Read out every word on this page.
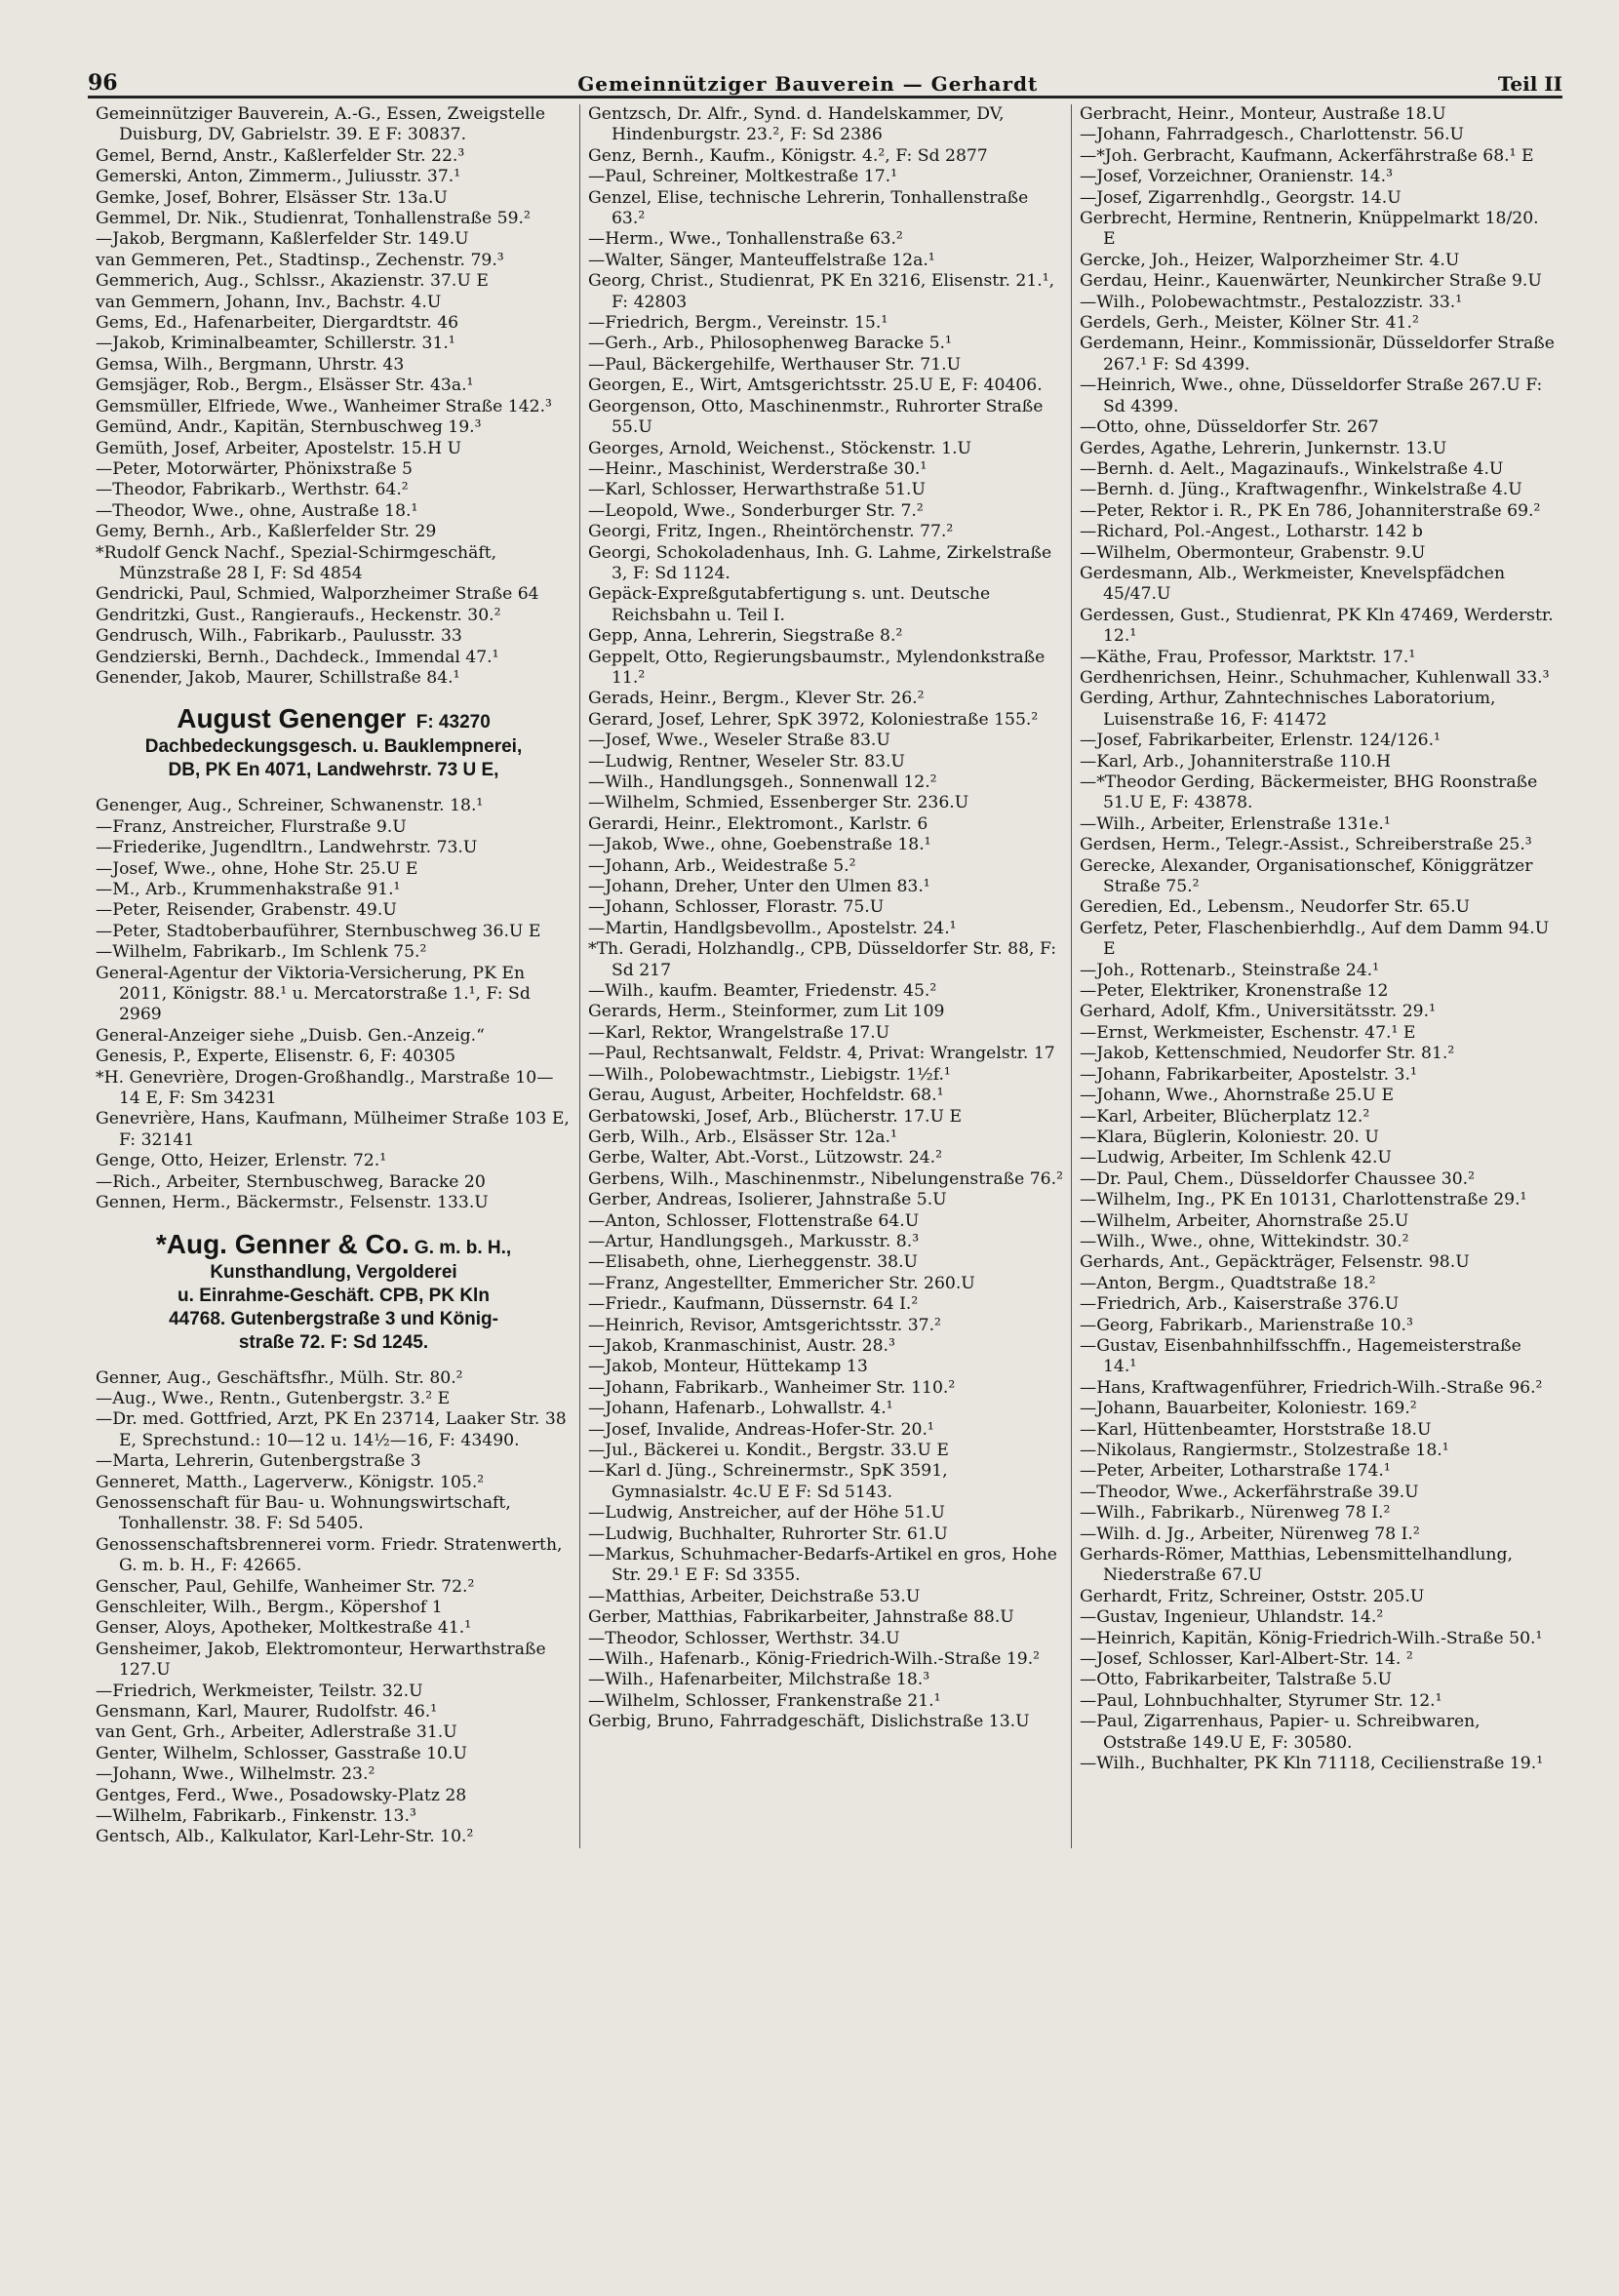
96	Gemeinnütziger Bauverein — Gerhardt	Teil II

Gemeinnütziger Bauverein, A.-G., Essen, Zweigstelle Duisburg, DV, Gabrielstr. 39. E F: 30837.

Gemel, Bernd, Anstr., Kaßlerfelder Str. 22.³

Gemerski, Anton, Zimmerm., Juliusstr. 37.¹

Gemke, Josef, Bohrer, Elsässer Str. 13a.U

Gemmel, Dr. Nik., Studienrat, Tonhallenstraße 59.²

—Jakob, Bergmann, Kaßlerfelder Str. 149.U

van Gemmeren, Pet., Stadtinsp., Zechenstr. 79.³

Gemmerich, Aug., Schlssr., Akazienstr. 37.U E

van Gemmern, Johann, Inv., Bachstr. 4.U

Gems, Ed., Hafenarbeiter, Diergardtstr. 46

—Jakob, Kriminalbeamter, Schillerstr. 31.¹

Gemsa, Wilh., Bergmann, Uhrstr. 43

Gemsjäger, Rob., Bergm., Elsässer Str. 43a.¹

Gemsmüller, Elfriede, Wwe., Wanheimer Straße 142.³

Gemünd, Andr., Kapitän, Sternbuschweg 19.³

Gemüth, Josef, Arbeiter, Apostelstr. 15.H U

—Peter, Motorwärter, Phönixstraße 5

—Theodor, Fabrikarb., Werthstr. 64.²

—Theodor, Wwe., ohne, Austraße 18.¹

Gemy, Bernh., Arb., Kaßlerfelder Str. 29

*Rudolf Genck Nachf., Spezial-Schirmgeschäft, Münzstraße 28 I, F: Sd 4854

Gendricki, Paul, Schmied, Walporzheimer Straße 64

Gendritzki, Gust., Rangieraufs., Heckenstr. 30.²

Gendrusch, Wilh., Fabrikarb., Paulusstr. 33

Gendzierski, Bernh., Dachdeck., Immendal 47.¹

Genender, Jakob, Maurer, Schillstraße 84.¹

August Genenger F: 43270
Dachbedeckungsgesch. u. Bauklempnerei,
DB, PK En 4071, Landwehrstr. 73 U E,

Genenger, Aug., Schreiner, Schwanenstr. 18.¹

—Franz, Anstreicher, Flurstraße 9.U

—Friederike, Jugendltrn., Landwehrstr. 73.U

—Josef, Wwe., ohne, Hohe Str. 25.U E

—M., Arb., Krummenhakstraße 91.¹

—Peter, Reisender, Grabenstr. 49.U

—Peter, Stadtoberbauführer, Sternbuschweg 36.U E

—Wilhelm, Fabrikarb., Im Schlenk 75.²

General-Agentur der Viktoria-Versicherung, PK En 2011, Königstr. 88.¹ u. Mercatorstraße 1.¹, F: Sd 2969

General-Anzeiger siehe „Duisb. Gen.-Anzeig.“

Genesis, P., Experte, Elisenstr. 6, F: 40305

*H. Genevrière, Drogen-Großhandlg., Marstraße 10—14 E, F: Sm 34231

Genevrière, Hans, Kaufmann, Mülheimer Straße 103 E, F: 32141

Genge, Otto, Heizer, Erlenstr. 72.¹

—Rich., Arbeiter, Sternbuschweg, Baracke 20

Gennen, Herm., Bäckermstr., Felsenstr. 133.U

*Aug. Genner & Co. G. m. b. H.,
Kunsthandlung, Vergolderei
u. Einrahme-Geschäft. CPB, PK Kln
44768. Gutenbergstraße 3 und König-
straße 72. F: Sd 1245.

Genner, Aug., Geschäftsfhr., Mülh. Str. 80.²

—Aug., Wwe., Rentn., Gutenbergstr. 3.² E

—Dr. med. Gottfried, Arzt, PK En 23714, Laaker Str. 38 E, Sprechstund.: 10—12 u. 14½—16, F: 43490.

—Marta, Lehrerin, Gutenbergstraße 3

Genneret, Matth., Lagerverw., Königstr. 105.²

Genossenschaft für Bau- u. Wohnungswirtschaft, Tonhallenstr. 38. F: Sd 5405.

Genossenschaftsbrennerei vorm. Friedr. Stratenwerth, G. m. b. H., F: 42665.

Genscher, Paul, Gehilfe, Wanheimer Str. 72.²

Genschleiter, Wilh., Bergm., Köpershof 1

Genser, Aloys, Apotheker, Moltkestraße 41.¹

Gensheimer, Jakob, Elektromonteur, Herwarthstraße 127.U

—Friedrich, Werkmeister, Teilstr. 32.U

Gensmann, Karl, Maurer, Rudolfstr. 46.¹

van Gent, Grh., Arbeiter, Adlerstraße 31.U

Genter, Wilhelm, Schlosser, Gasstraße 10.U

—Johann, Wwe., Wilhelmstr. 23.²

Gentges, Ferd., Wwe., Posadowsky-Platz 28

—Wilhelm, Fabrikarb., Finkenstr. 13.³

Gentsch, Alb., Kalkulator, Karl-Lehr-Str. 10.²

Gentzsch, Dr. Alfr., Synd. d. Handelskammer, DV, Hindenburgstr. 23.², F: Sd 2386

Genz, Bernh., Kaufm., Königstr. 4.², F: Sd 2877

—Paul, Schreiner, Moltkestraße 17.¹

Genzel, Elise, technische Lehrerin, Tonhallenstraße 63.²

—Herm., Wwe., Tonhallenstraße 63.²

—Walter, Sänger, Manteuffelstraße 12a.¹

Georg, Christ., Studienrat, PK En 3216, Elisenstr. 21.¹, F: 42803

—Friedrich, Bergm., Vereinstr. 15.¹

—Gerh., Arb., Philosophenweg Baracke 5.¹

—Paul, Bäckergehilfe, Werthauser Str. 71.U

Georgen, E., Wirt, Amtsgerichtsstr. 25.U E, F: 40406.

Georgenson, Otto, Maschinenmstr., Ruhrorter Straße 55.U

Georges, Arnold, Weichenst., Stöckenstr. 1.U

—Heinr., Maschinist, Werderstraße 30.¹

—Karl, Schlosser, Herwarthstraße 51.U

—Leopold, Wwe., Sonderburger Str. 7.²

Georgi, Fritz, Ingen., Rheintörchenstr. 77.²

Georgi, Schokoladenhaus, Inh. G. Lahme, Zirkelstraße 3, F: Sd 1124.

Gepäck-Expreßgutabfertigung s. unt. Deutsche Reichsbahn u. Teil I.

Gepp, Anna, Lehrerin, Siegstraße 8.²

Geppelt, Otto, Regierungsbaumstr., Mylendonkstraße 11.²

Gerads, Heinr., Bergm., Klever Str. 26.²

Gerard, Josef, Lehrer, SpK 3972, Koloniestraße 155.²

—Josef, Wwe., Weseler Straße 83.U

—Ludwig, Rentner, Weseler Str. 83.U

—Wilh., Handlungsgeh., Sonnenwall 12.²

—Wilhelm, Schmied, Essenberger Str. 236.U

Gerardi, Heinr., Elektromont., Karlstr. 6

—Jakob, Wwe., ohne, Goebenstraße 18.¹

—Johann, Arb., Weidestraße 5.²

—Johann, Dreher, Unter den Ulmen 83.¹

—Johann, Schlosser, Florastr. 75.U

—Martin, Handlgsbevollm., Apostelstr. 24.¹

*Th. Geradi, Holzhandlg., CPB, Düsseldorfer Str. 88, F: Sd 217

—Wilh., kaufm. Beamter, Friedenstr. 45.²

Gerards, Herm., Steinformer, zum Lit 109

—Karl, Rektor, Wrangelstraße 17.U

—Paul, Rechtsanwalt, Feldstr. 4, Privat: Wrangelstr. 17

—Wilh., Polobewachtmstr., Liebigstr. 1½f.¹

Gerau, August, Arbeiter, Hochfeldstr. 68.¹

Gerbatowski, Josef, Arb., Blücherstr. 17.U E

Gerb, Wilh., Arb., Elsässer Str. 12a.¹

Gerbe, Walter, Abt.-Vorst., Lützowstr. 24.²

Gerbens, Wilh., Maschinenmstr., Nibelungenstraße 76.²

Gerber, Andreas, Isolierer, Jahnstraße 5.U

—Anton, Schlosser, Flottenstraße 64.U

—Artur, Handlungsgeh., Markusstr. 8.³

—Elisabeth, ohne, Lierheggenstr. 38.U

—Franz, Angestellter, Emmericher Str. 260.U

—Friedr., Kaufmann, Düssernstr. 64 I.²

—Heinrich, Revisor, Amtsgerichtsstr. 37.²

—Jakob, Kranmaschinist, Austr. 28.³

—Jakob, Monteur, Hüttekamp 13

—Johann, Fabrikarb., Wanheimer Str. 110.²

—Johann, Hafenarb., Lohwallstr. 4.¹

—Josef, Invalide, Andreas-Hofer-Str. 20.¹

—Jul., Bäckerei u. Kondit., Bergstr. 33.U E

—Karl d. Jüng., Schreinermstr., SpK 3591, Gymnasialstr. 4c.U E F: Sd 5143.

—Ludwig, Anstreicher, auf der Höhe 51.U

—Ludwig, Buchhalter, Ruhrorter Str. 61.U

—Markus, Schuhmacher-Bedarfs-Artikel en gros, Hohe Str. 29.¹ E F: Sd 3355.

—Matthias, Arbeiter, Deichstraße 53.U

Gerber, Matthias, Fabrikarbeiter, Jahnstraße 88.U

—Theodor, Schlosser, Werthstr. 34.U

—Wilh., Hafenarb., König-Friedrich-Wilh.-Straße 19.²

—Wilh., Hafenarbeiter, Milchstraße 18.³

—Wilhelm, Schlosser, Frankenstraße 21.¹

Gerbig, Bruno, Fahrradgeschäft, Dislichstraße 13.U

Gerbracht, Heinr., Monteur, Austraße 18.U

—Johann, Fahrradgesch., Charlottenstr. 56.U

—*Joh. Gerbracht, Kaufmann, Ackerfährstraße 68.¹ E

—Josef, Vorzeichner, Oranienstr. 14.³

—Josef, Zigarrenhdlg., Georgstr. 14.U

Gerbrecht, Hermine, Rentnerin, Knüppelmarkt 18/20. E

Gercke, Joh., Heizer, Walporzheimer Str. 4.U

Gerdau, Heinr., Kauenwärter, Neunkircher Straße 9.U

—Wilh., Polobewachtmstr., Pestalozzistr. 33.¹

Gerdels, Gerh., Meister, Kölner Str. 41.²

Gerdemann, Heinr., Kommissionär, Düsseldorfer Straße 267.¹ F: Sd 4399.

—Heinrich, Wwe., ohne, Düsseldorfer Straße 267.U F: Sd 4399.

—Otto, ohne, Düsseldorfer Str. 267

Gerdes, Agathe, Lehrerin, Junkernstr. 13.U

—Bernh. d. Aelt., Magazinaufs., Winkelstraße 4.U

—Bernh. d. Jüng., Kraftwagenfhr., Winkelstraße 4.U

—Peter, Rektor i. R., PK En 786, Johanniterstraße 69.²

—Richard, Pol.-Angest., Lotharstr. 142 b

—Wilhelm, Obermonteur, Grabenstr. 9.U

Gerdesmann, Alb., Werkmeister, Knevelspfädchen 45/47.U

Gerdessen, Gust., Studienrat, PK Kln 47469, Werderstr. 12.¹

—Käthe, Frau, Professor, Marktstr. 17.¹

Gerdhenrichsen, Heinr., Schuhmacher, Kuhlenwall 33.³

Gerding, Arthur, Zahntechnisches Laboratorium, Luisenstraße 16, F: 41472

—Josef, Fabrikarbeiter, Erlenstr. 124/126.¹

—Karl, Arb., Johanniterstraße 110.H

—*Theodor Gerding, Bäckermeister, BHG Roonstraße 51.U E, F: 43878.

—Wilh., Arbeiter, Erlenstraße 131e.¹

Gerdsen, Herm., Telegr.-Assist., Schreiberstraße 25.³

Gerecke, Alexander, Organisationschef, Königgrätzer Straße 75.²

Geredien, Ed., Lebensm., Neudorfer Str. 65.U

Gerfetz, Peter, Flaschenbierhdlg., Auf dem Damm 94.U E

—Joh., Rottenarb., Steinstraße 24.¹

—Peter, Elektriker, Kronenstraße 12

Gerhard, Adolf, Kfm., Universitätsstr. 29.¹

—Ernst, Werkmeister, Eschenstr. 47.¹ E

—Jakob, Kettenschmied, Neudorfer Str. 81.²

—Johann, Fabrikarbeiter, Apostelstr. 3.¹

—Johann, Wwe., Ahornstraße 25.U E

—Karl, Arbeiter, Blücherplatz 12.²

—Klara, Büglerin, Koloniestr. 20. U

—Ludwig, Arbeiter, Im Schlenk 42.U

—Dr. Paul, Chem., Düsseldorfer Chaussee 30.²

—Wilhelm, Ing., PK En 10131, Charlottenstraße 29.¹

—Wilhelm, Arbeiter, Ahornstraße 25.U

—Wilh., Wwe., ohne, Wittekindstr. 30.²

Gerhards, Ant., Gepäckträger, Felsenstr. 98.U

—Anton, Bergm., Quadtstraße 18.²

—Friedrich, Arb., Kaiserstraße 376.U

—Georg, Fabrikarb., Marienstraße 10.³

—Gustav, Eisenbahnhilfsschffn., Hagemeisterstraße 14.¹

—Hans, Kraftwagenführer, Friedrich-Wilh.-Straße 96.²

—Johann, Bauarbeiter, Koloniestr. 169.²

—Karl, Hüttenbeamter, Horststraße 18.U

—Nikolaus, Rangiermstr., Stolzestraße 18.¹

—Peter, Arbeiter, Lotharstraße 174.¹

—Theodor, Wwe., Ackerfährstraße 39.U

—Wilh., Fabrikarb., Nürenweg 78 I.²

—Wilh. d. Jg., Arbeiter, Nürenweg 78 I.²

Gerhards-Römer, Matthias, Lebensmittelhandlung, Niederstraße 67.U

Gerhardt, Fritz, Schreiner, Oststr. 205.U

—Gustav, Ingenieur, Uhlandstr. 14.²

—Heinrich, Kapitän, König-Friedrich-Wilh.-Straße 50.¹

—Josef, Schlosser, Karl-Albert-Str. 14. ²

—Otto, Fabrikarbeiter, Talstraße 5.U

—Paul, Lohnbuchhalter, Styrumer Str. 12.¹

—Paul, Zigarrenhaus, Papier- u. Schreibwaren, Oststraße 149.U E, F: 30580.

—Wilh., Buchhalter, PK Kln 71118, Cecilienstraße 19.¹
